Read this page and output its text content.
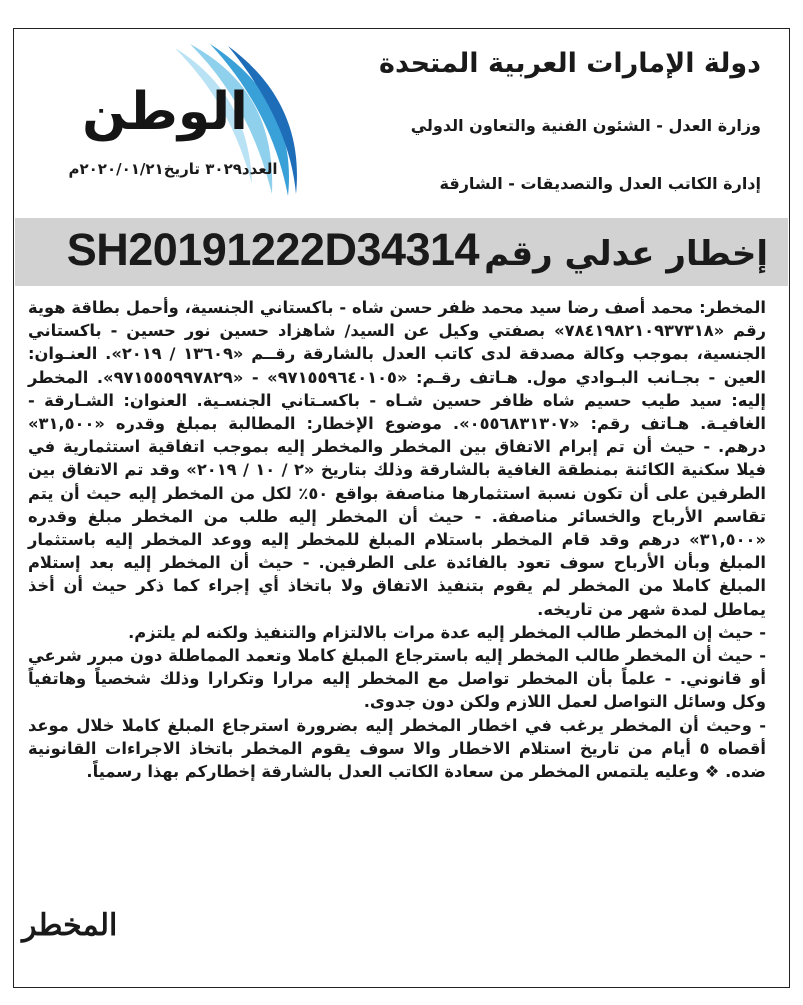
دولة الإمارات العربية المتحدة
وزارة العدل - الشئون الفنية والتعاون الدولي
إدارة الكاتب العدل والتصديقات - الشارقة
الوطن
العدد٣٠٢٩ تاريخ٢٠٢٠/٠١/٢١م
إخطار عدلي رقم SH20191222D34314

المخطر: محمد أصف رضا سيد محمد ظفر حسن شاه - باكستاني الجنسية، وأحمل بطاقة هوية رقم «٧٨٤١٩٨٢١٠٩٣٧٣١٨» بصفتي وكيل عن السيد/ شاهزاد حسين نور حسين - باكستاني الجنسية، بموجب وكالة مصدقة لدى كاتب العدل بالشارقة رقــم «١٣٦٠٩ / ٢٠١٩». العنـوان: العين - بجـانب البـوادي مول. هـاتف رقـم: «٩٧١٥٥٩٦٤٠١٠٥» - «٩٧١٥٥٥٩٩٧٨٢٩». المخطر إليه: سيد طيب حسيم شاه ظافر حسين شـاه - باكسـتاني الجنسـية. العنوان: الشـارقة - الغافيـة. هـاتف رقم: «٠٥٥٦٨٣١٣٠٧». موضوع الإخطار: المطالبة بمبلغ وقدره «٣١,٥٠٠» درهم. - حيث أن تم إبرام الاتفاق بين المخطر والمخطر إليه بموجب اتفاقية استثمارية في فيلا سكنية الكائنة بمنطقة الغافية بالشارقة وذلك بتاريخ «٢ / ١٠ / ٢٠١٩» وقد تم الاتفاق بين الطرفين على أن تكون نسبة استثمارها مناصفة بواقع ٥٠٪ لكل من المخطر إليه حيث أن يتم تقاسم الأرباح والخسائر مناصفة. - حيث أن المخطر إليه طلب من المخطر مبلغ وقدره «٣١,٥٠٠» درهم وقد قام المخطر باستلام المبلغ للمخطر إليه ووعد المخطر إليه باستثمار المبلغ وبأن الأرباح سوف تعود بالفائدة على الطرفين. - حيث أن المخطر إليه بعد إستلام المبلغ كاملا من المخطر لم يقوم بتنفيذ الاتفاق ولا باتخاذ أي إجراء كما ذكر حيث أن أخذ يماطل لمدة شهر من تاريخه.

- حيث إن المخطر طالب المخطر إليه عدة مرات بالالتزام والتنفيذ ولكنه لم يلتزم.

- حيث أن المخطر طالب المخطر إليه باسترجاع المبلغ كاملا وتعمد المماطلة دون مبرر شرعي أو قانوني. - علماً بأن المخطر تواصل مع المخطر إليه مرارا وتكرارا وذلك شخصياً وهاتفياً وكل وسائل التواصل لعمل اللازم ولكن دون جدوى.

- وحيث أن المخطر يرغب في اخطار المخطر إليه بضرورة استرجاع المبلغ كاملا خلال موعد أقصاه ٥ أيام من تاريخ استلام الاخطار والا سوف يقوم المخطر باتخاذ الاجراءات القانونية ضده. ❖ وعليه يلتمس المخطر من سعادة الكاتب العدل بالشارقة إخطاركم بهذا رسمياً.

المخطر
